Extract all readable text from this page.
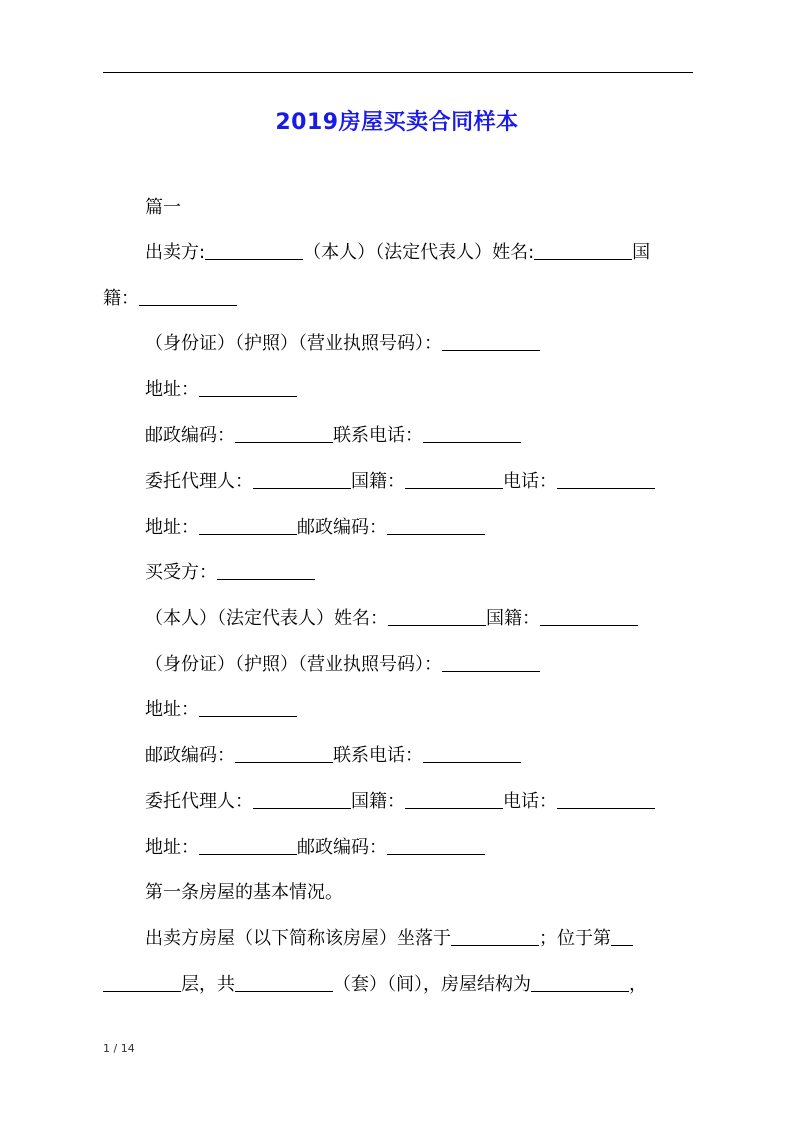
2019房屋买卖合同样本
篇一
出卖方:	（本人）（法定代表人）姓名:	国
籍：
（身份证）（护照）（营业执照号码）：
地址：
邮政编码：	联系电话：
委托代理人：	国籍：	电话：
地址：	邮政编码：
买受方：
（本人）（法定代表人）姓名：	国籍：
（身份证）（护照）（营业执照号码）：
地址：
邮政编码：	联系电话：
委托代理人：	国籍：	电话：
地址：	邮政编码：
第一条房屋的基本情况。
出卖方房屋（以下简称该房屋）坐落于	；位于第
层，共	（套）（间），房屋结构为	，
1 / 14
